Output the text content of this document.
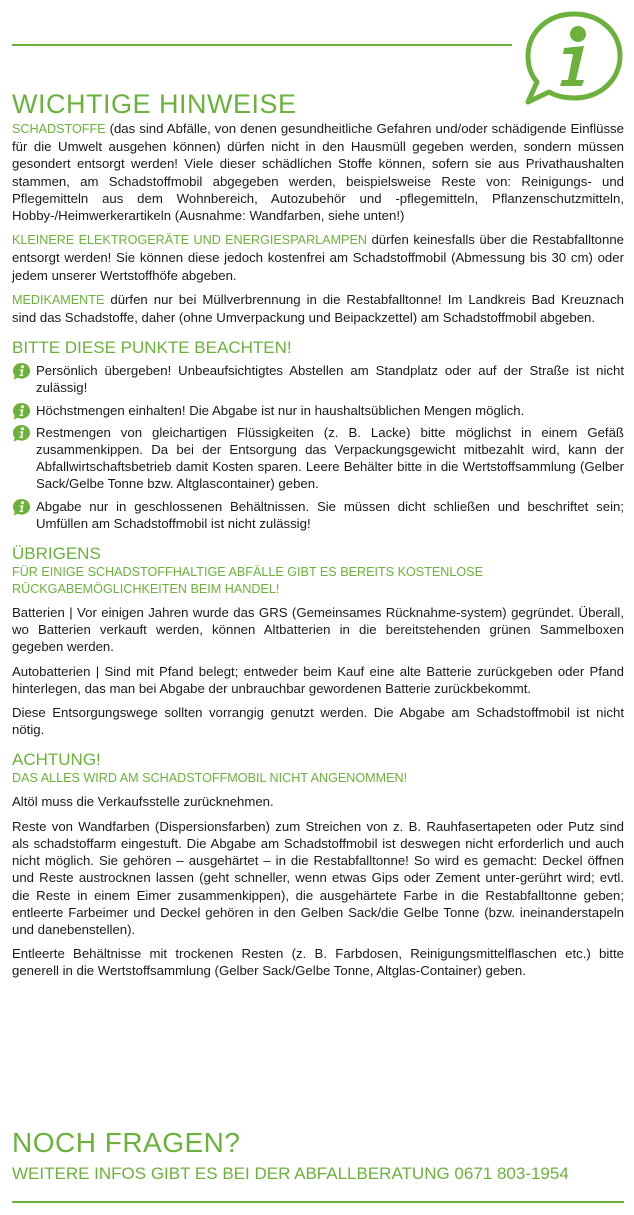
WICHTIGE HINWEISE

SCHADSTOFFE (das sind Abfälle, von denen gesundheitliche Gefahren und/oder schädigende Einflüsse für die Umwelt ausgehen können) dürfen nicht in den Hausmüll gegeben werden, sondern müssen gesondert entsorgt werden! Viele dieser schädlichen Stoffe können, sofern sie aus Privathaushalten stammen, am Schadstoffmobil abgegeben werden, beispielsweise Reste von: Reinigungs- und Pflegemitteln aus dem Wohnbereich, Autozubehör und -pflegemitteln, Pflanzenschutzmitteln, Hobby-/Heimwerkerartikeln (Ausnahme: Wandfarben, siehe unten!)

KLEINERE ELEKTROGERÄTE UND ENERGIESPARLAMPEN dürfen keinesfalls über die Restabfalltonne entsorgt werden! Sie können diese jedoch kostenfrei am Schadstoffmobil (Abmessung bis 30 cm) oder jedem unserer Wertstoffhöfe abgeben.

MEDIKAMENTE dürfen nur bei Müllverbrennung in die Restabfalltonne! Im Landkreis Bad Kreuznach sind das Schadstoffe, daher (ohne Umverpackung und Beipackzettel) am Schadstoffmobil abgeben.

BITTE DIESE PUNKTE BEACHTEN!
Persönlich übergeben! Unbeaufsichtigtes Abstellen am Standplatz oder auf der Straße ist nicht zulässig!
Höchstmengen einhalten! Die Abgabe ist nur in haushaltsüblichen Mengen möglich.
Restmengen von gleichartigen Flüssigkeiten (z. B. Lacke) bitte möglichst in einem Gefäß zusammenkippen. Da bei der Entsorgung das Verpackungsgewicht mitbezahlt wird, kann der Abfallwirtschaftsbetrieb damit Kosten sparen. Leere Behälter bitte in die Wertstoffsammlung (Gelber Sack/Gelbe Tonne bzw. Altglascontainer) geben.
Abgabe nur in geschlossenen Behältnissen. Sie müssen dicht schließen und beschriftet sein; Umfüllen am Schadstoffmobil ist nicht zulässig!
ÜBRIGENS
FÜR EINIGE SCHADSTOFFHALTIGE ABFÄLLE GIBT ES BEREITS KOSTENLOSE RÜCKGABEMÖGLICHKEITEN BEIM HANDEL!

Batterien | Vor einigen Jahren wurde das GRS (Gemeinsames Rücknahme-system) gegründet. Überall, wo Batterien verkauft werden, können Altbatterien in die bereitstehenden grünen Sammelboxen gegeben werden.

Autobatterien | Sind mit Pfand belegt; entweder beim Kauf eine alte Batterie zurückgeben oder Pfand hinterlegen, das man bei Abgabe der unbrauchbar gewordenen Batterie zurückbekommt.

Diese Entsorgungswege sollten vorrangig genutzt werden. Die Abgabe am Schadstoffmobil ist nicht nötig.

ACHTUNG!
DAS ALLES WIRD AM SCHADSTOFFMOBIL NICHT ANGENOMMEN!

Altöl muss die Verkaufsstelle zurücknehmen.

Reste von Wandfarben (Dispersionsfarben) zum Streichen von z. B. Rauhfasertapeten oder Putz sind als schadstoffarm eingestuft. Die Abgabe am Schadstoffmobil ist deswegen nicht erforderlich und auch nicht möglich. Sie gehören – ausgehärtet – in die Restabfalltonne! So wird es gemacht: Deckel öffnen und Reste austrocknen lassen (geht schneller, wenn etwas Gips oder Zement unter-gerührt wird; evtl. die Reste in einem Eimer zusammenkippen), die ausgehärtete Farbe in die Restabfalltonne geben; entleerte Farbeimer und Deckel gehören in den Gelben Sack/die Gelbe Tonne (bzw. ineinanderstapeln und danebenstellen).

Entleerte Behältnisse mit trockenen Resten (z. B. Farbdosen, Reinigungsmittelflaschen etc.) bitte generell in die Wertstoffsammlung (Gelber Sack/Gelbe Tonne, Altglas-Container) geben.

NOCH FRAGEN?
WEITERE INFOS GIBT ES BEI DER ABFALLBERATUNG 0671 803-1954
